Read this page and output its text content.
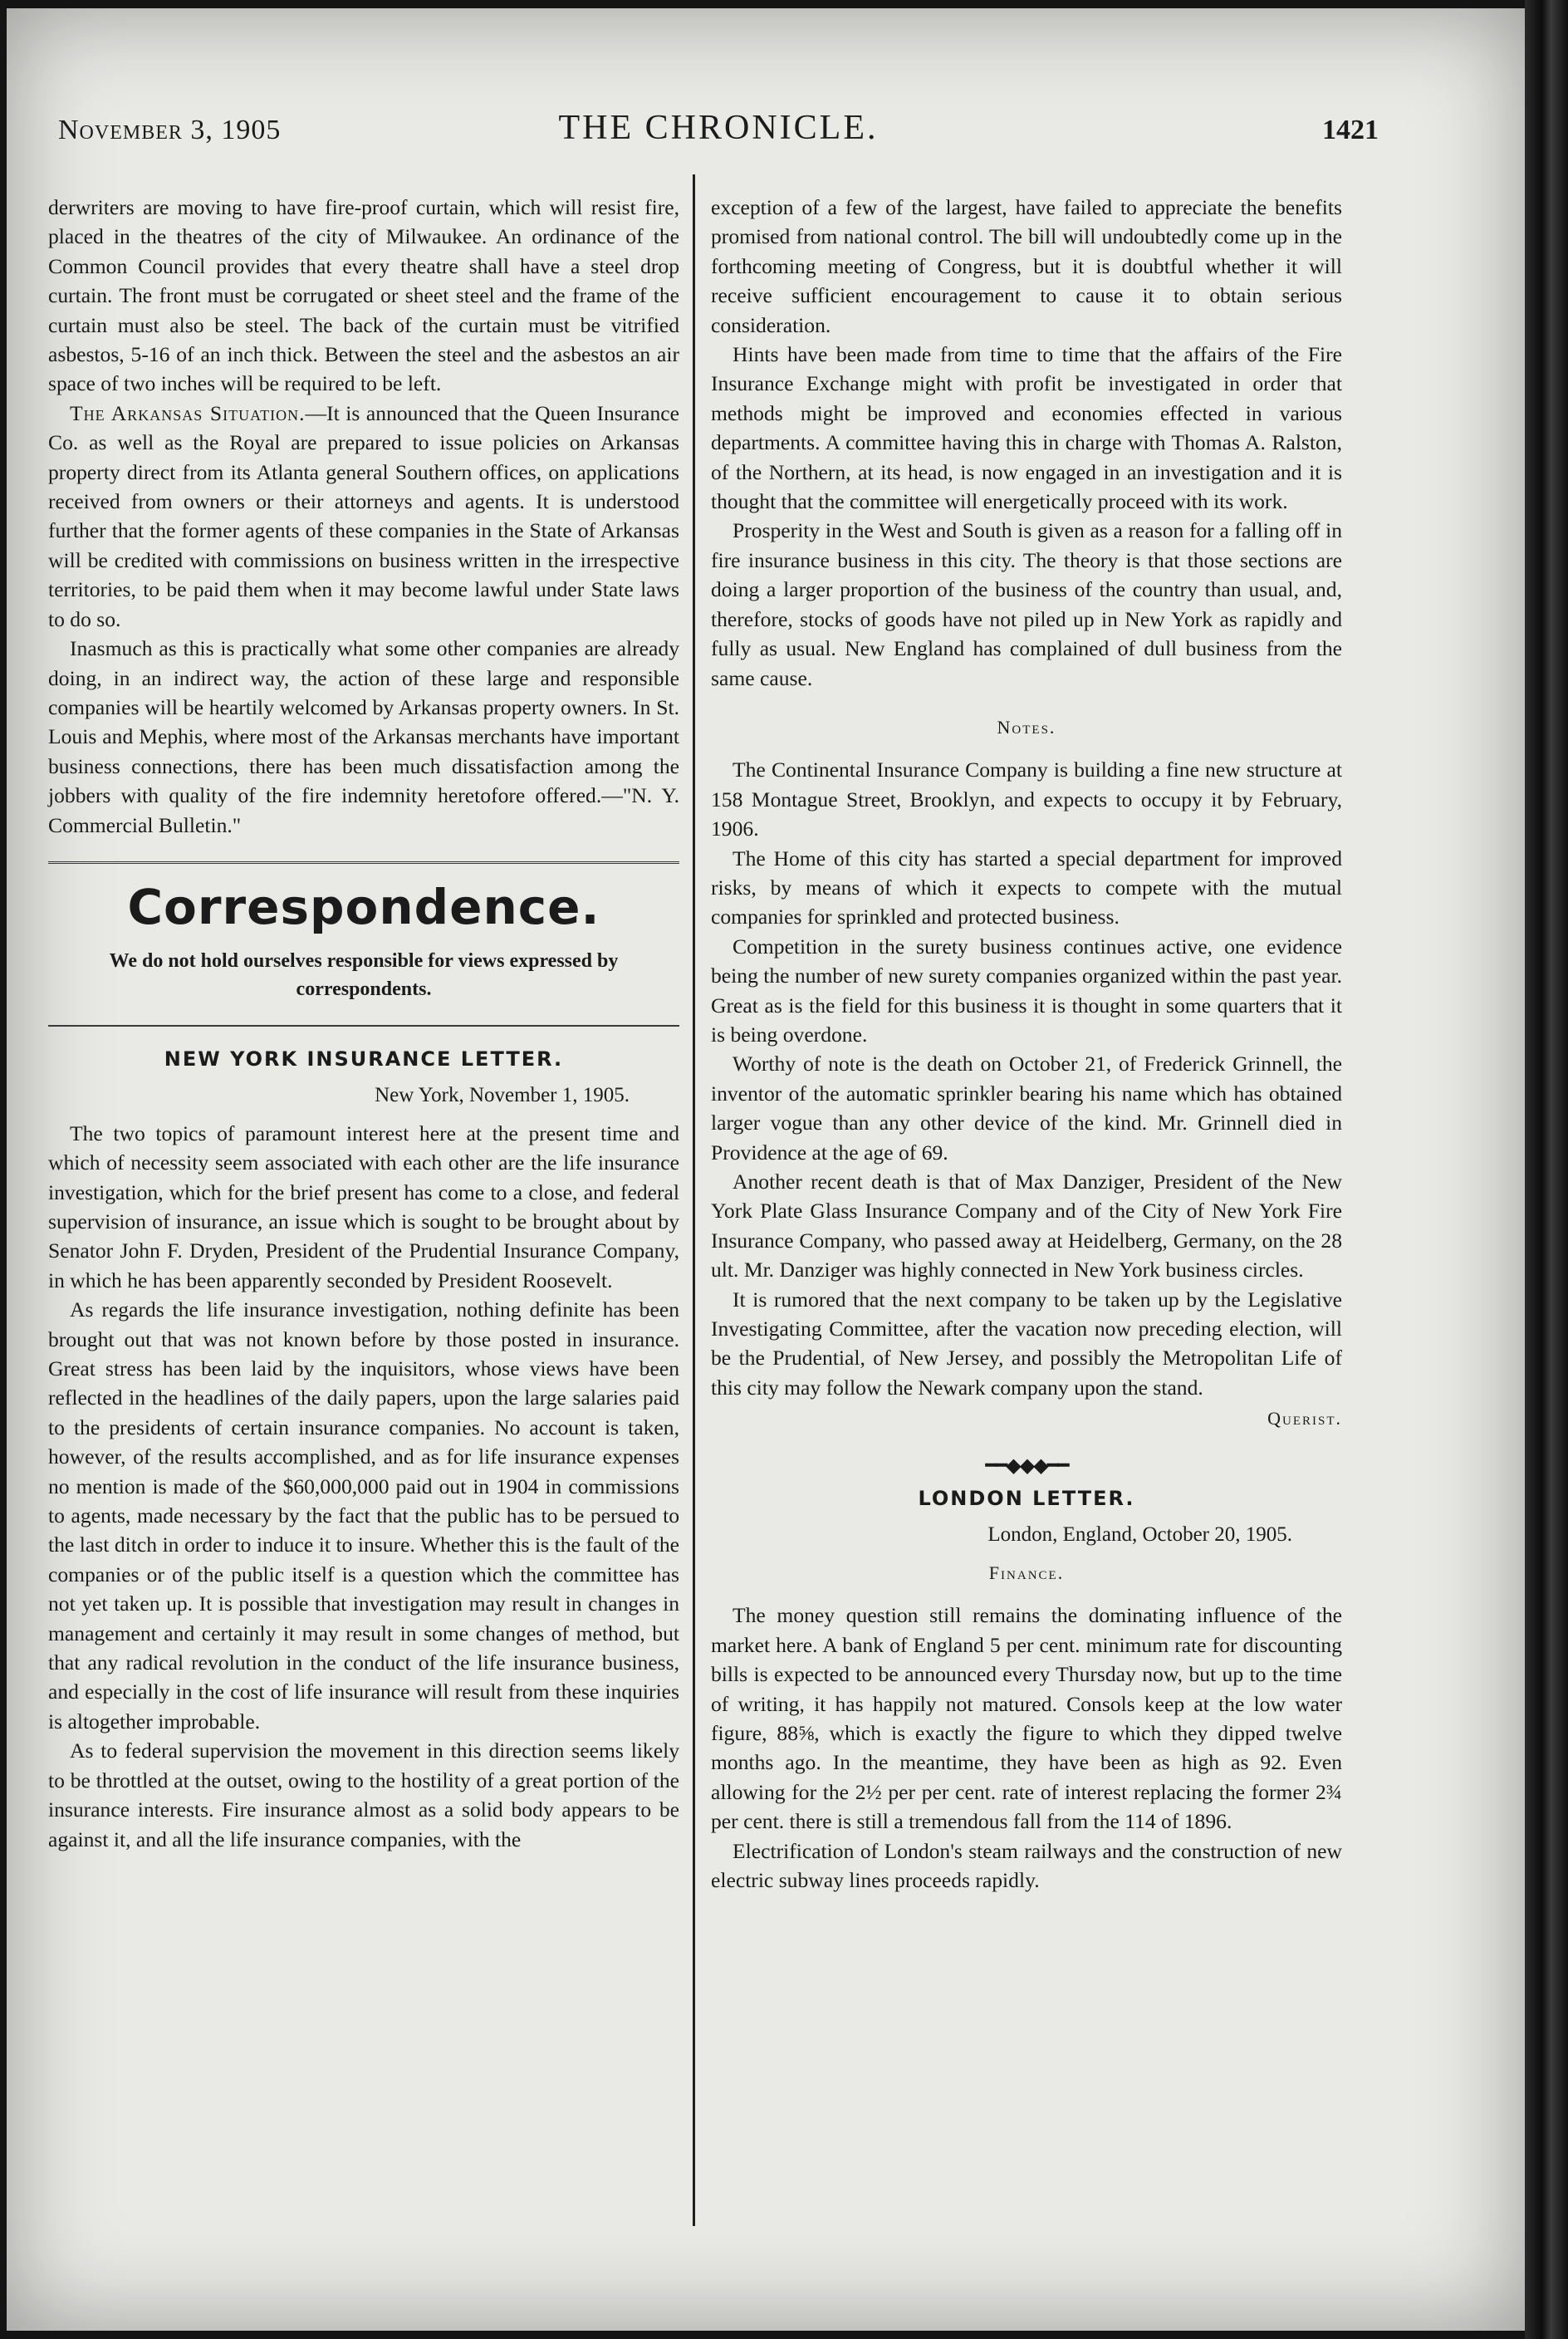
November 3, 1905	THE CHRONICLE.	1421

derwriters are moving to have fire-proof curtain, which will resist fire, placed in the theatres of the city of Milwaukee. An ordinance of the Common Council provides that every theatre shall have a steel drop curtain. The front must be corrugated or sheet steel and the frame of the curtain must also be steel. The back of the curtain must be vitrified asbestos, 5-16 of an inch thick. Between the steel and the asbestos an air space of two inches will be required to be left.

The Arkansas Situation.—It is announced that the Queen Insurance Co. as well as the Royal are prepared to issue policies on Arkansas property direct from its Atlanta general Southern offices, on applications received from owners or their attorneys and agents. It is understood further that the former agents of these companies in the State of Arkansas will be credited with commissions on business written in the irrespective territories, to be paid them when it may become lawful under State laws to do so.

Inasmuch as this is practically what some other companies are already doing, in an indirect way, the action of these large and responsible companies will be heartily welcomed by Arkansas property owners. In St. Louis and Mephis, where most of the Arkansas merchants have important business connections, there has been much dissatisfaction among the jobbers with quality of the fire indemnity heretofore offered.—"N. Y. Commercial Bulletin."

Correspondence.
We do not hold ourselves responsible for views expressed by correspondents.
NEW YORK INSURANCE LETTER.
New York, November 1, 1905.

The two topics of paramount interest here at the present time and which of necessity seem associated with each other are the life insurance investigation, which for the brief present has come to a close, and federal supervision of insurance, an issue which is sought to be brought about by Senator John F. Dryden, President of the Prudential Insurance Company, in which he has been apparently seconded by President Roosevelt.

As regards the life insurance investigation, nothing definite has been brought out that was not known before by those posted in insurance. Great stress has been laid by the inquisitors, whose views have been reflected in the headlines of the daily papers, upon the large salaries paid to the presidents of certain insurance companies. No account is taken, however, of the results accomplished, and as for life insurance expenses no mention is made of the $60,000,000 paid out in 1904 in commissions to agents, made necessary by the fact that the public has to be persued to the last ditch in order to induce it to insure. Whether this is the fault of the companies or of the public itself is a question which the committee has not yet taken up. It is possible that investigation may result in changes in management and certainly it may result in some changes of method, but that any radical revolution in the conduct of the life insurance business, and especially in the cost of life insurance will result from these inquiries is altogether improbable.

As to federal supervision the movement in this direction seems likely to be throttled at the outset, owing to the hostility of a great portion of the insurance interests. Fire insurance almost as a solid body appears to be against it, and all the life insurance companies, with the

exception of a few of the largest, have failed to appreciate the benefits promised from national control. The bill will undoubtedly come up in the forthcoming meeting of Congress, but it is doubtful whether it will receive sufficient encouragement to cause it to obtain serious consideration.

Hints have been made from time to time that the affairs of the Fire Insurance Exchange might with profit be investigated in order that methods might be improved and economies effected in various departments. A committee having this in charge with Thomas A. Ralston, of the Northern, at its head, is now engaged in an investigation and it is thought that the committee will energetically proceed with its work.

Prosperity in the West and South is given as a reason for a falling off in fire insurance business in this city. The theory is that those sections are doing a larger proportion of the business of the country than usual, and, therefore, stocks of goods have not piled up in New York as rapidly and fully as usual. New England has complained of dull business from the same cause.

Notes.

The Continental Insurance Company is building a fine new structure at 158 Montague Street, Brooklyn, and expects to occupy it by February, 1906.

The Home of this city has started a special department for improved risks, by means of which it expects to compete with the mutual companies for sprinkled and protected business.

Competition in the surety business continues active, one evidence being the number of new surety companies organized within the past year. Great as is the field for this business it is thought in some quarters that it is being overdone.

Worthy of note is the death on October 21, of Frederick Grinnell, the inventor of the automatic sprinkler bearing his name which has obtained larger vogue than any other device of the kind. Mr. Grinnell died in Providence at the age of 69.

Another recent death is that of Max Danziger, President of the New York Plate Glass Insurance Company and of the City of New York Fire Insurance Company, who passed away at Heidelberg, Germany, on the 28 ult. Mr. Danziger was highly connected in New York business circles.

It is rumored that the next company to be taken up by the Legislative Investigating Committee, after the vacation now preceding election, will be the Prudential, of New Jersey, and possibly the Metropolitan Life of this city may follow the Newark company upon the stand.

Querist.
━━◆◆◆━━
LONDON LETTER.
London, England, October 20, 1905.
Finance.

The money question still remains the dominating influence of the market here. A bank of England 5 per cent. minimum rate for discounting bills is expected to be announced every Thursday now, but up to the time of writing, it has happily not matured. Consols keep at the low water figure, 88⅝, which is exactly the figure to which they dipped twelve months ago. In the meantime, they have been as high as 92. Even allowing for the 2½ per per cent. rate of interest replacing the former 2¾ per cent. there is still a tremendous fall from the 114 of 1896.

Electrification of London's steam railways and the construction of new electric subway lines proceeds rapidly.
